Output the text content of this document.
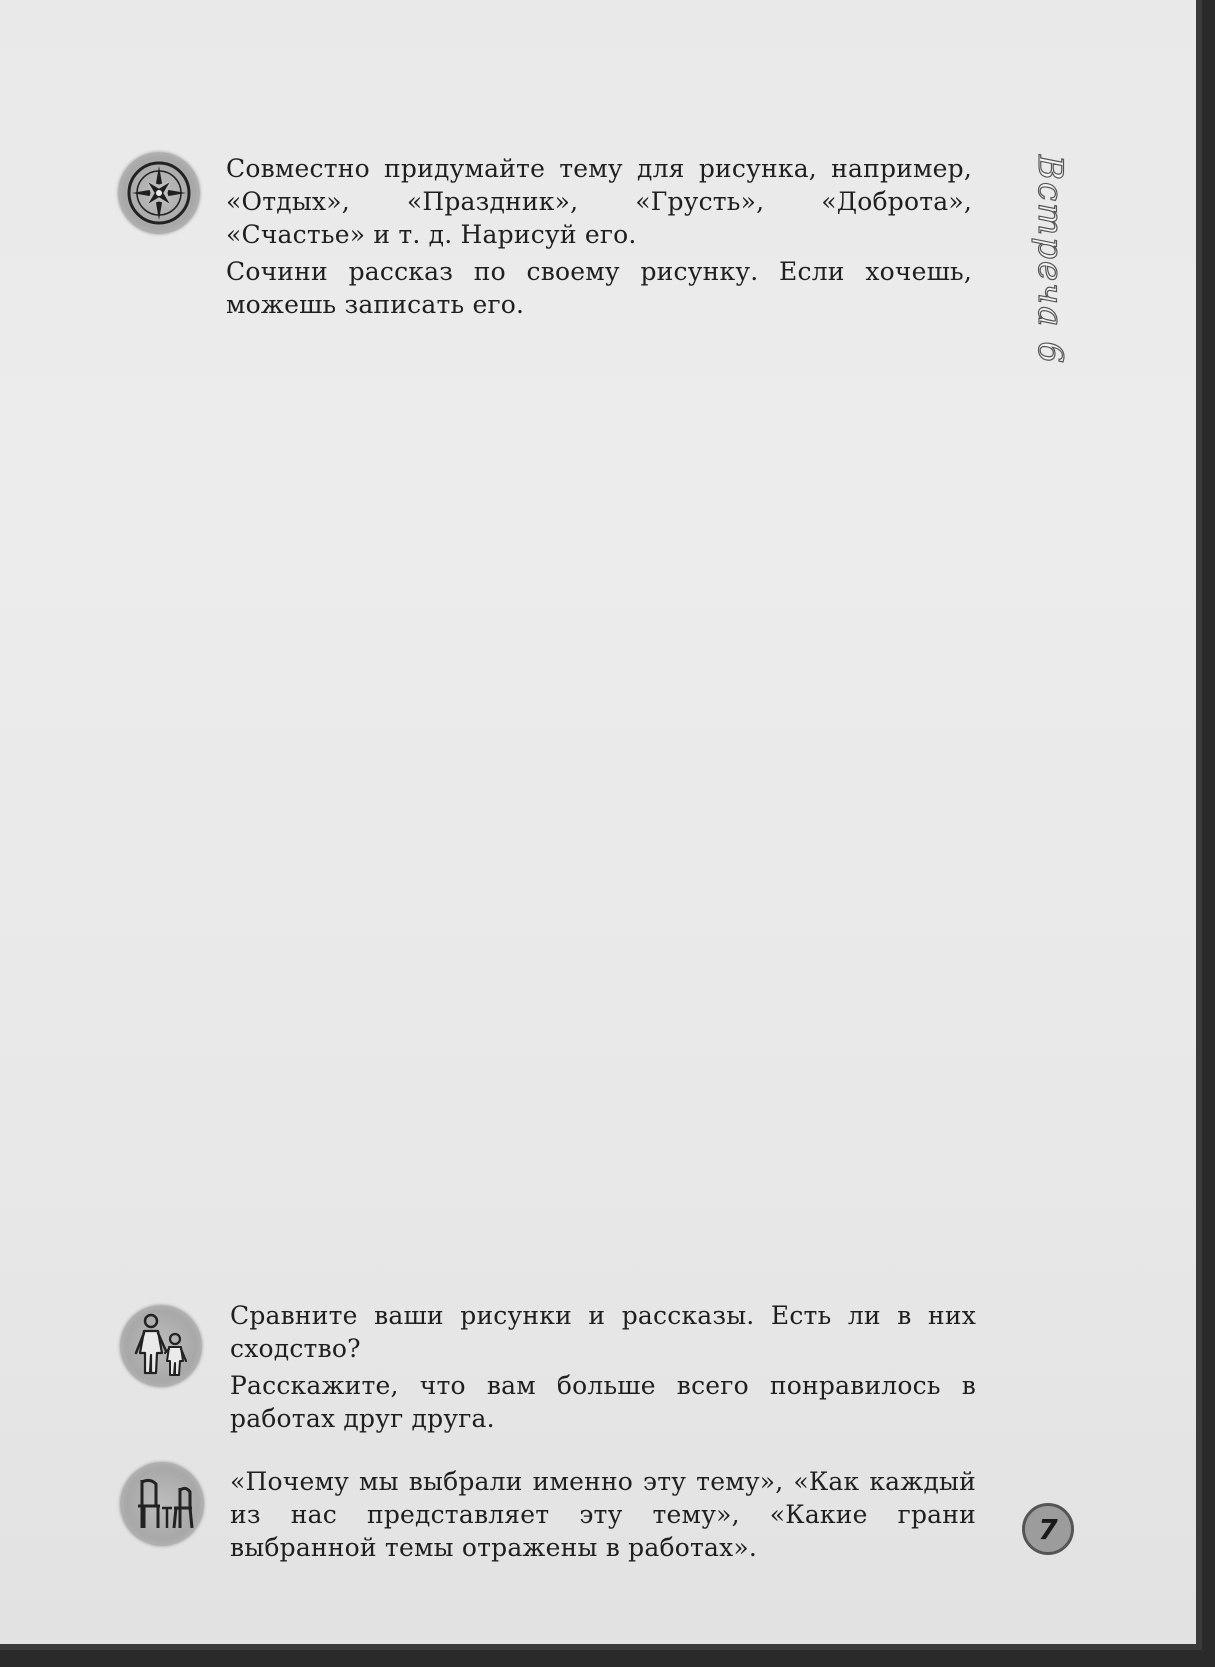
Встреча 6

Совместно придумайте тему для рисунка, например, «Отдых», «Праздник», «Грусть», «Доброта», «Счастье» и т. д. Нарисуй его.

Сочини рассказ по своему рисунку. Если хочешь, можешь записать его.

Сравните ваши рисунки и рассказы. Есть ли в них сходство?

Расскажите, что вам больше всего понравилось в работах друг друга.

«Почему мы выбрали именно эту тему», «Как каждый из нас представляет эту тему», «Какие грани выбранной темы отражены в работах».

7
